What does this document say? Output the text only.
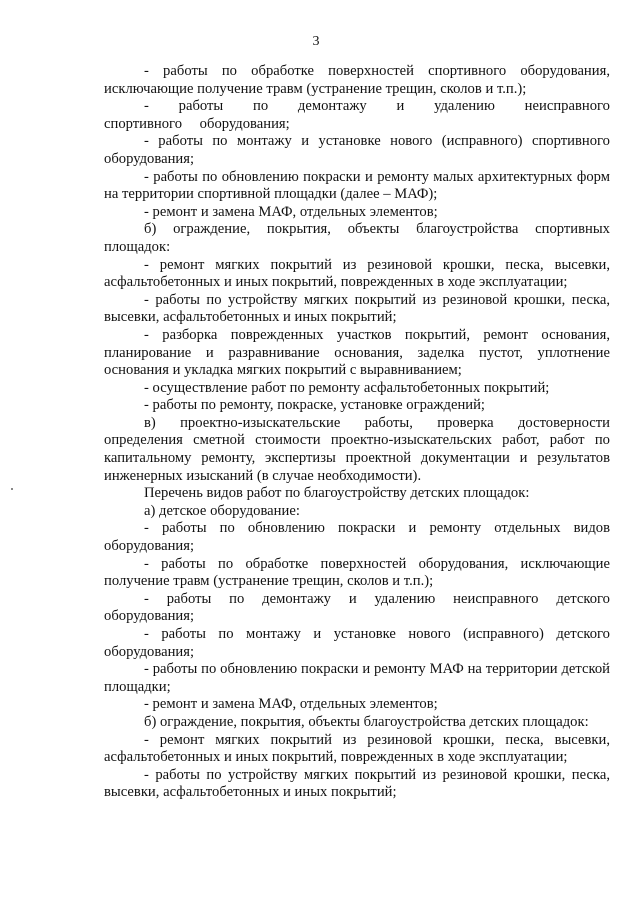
3

- работы по обработке поверхностей спортивного оборудования, исключающие получение травм (устранение трещин, сколов и т.п.);

- работы по демонтажу и удалению неисправного спортивного оборудования;

- работы по монтажу и установке нового (исправного) спортивного оборудования;

- работы по обновлению покраски и ремонту малых архитектурных форм на территории спортивной площадки (далее – МАФ);

- ремонт и замена МАФ, отдельных элементов;

б) ограждение, покрытия, объекты благоустройства спортивных площадок:

- ремонт мягких покрытий из резиновой крошки, песка, высевки, асфальтобетонных и иных покрытий, поврежденных в ходе эксплуатации;

- работы по устройству мягких покрытий из резиновой крошки, песка, высевки, асфальтобетонных и иных покрытий;

- разборка поврежденных участков покрытий, ремонт основания, планирование и разравнивание основания, заделка пустот, уплотнение основания и укладка мягких покрытий с выравниванием;

- осуществление работ по ремонту асфальтобетонных покрытий;

- работы по ремонту, покраске, установке ограждений;

в) проектно-изыскательские работы, проверка достоверности определения сметной стоимости проектно-изыскательских работ, работ по капитальному ремонту, экспертизы проектной документации и результатов инженерных изысканий (в случае необходимости).

Перечень видов работ по благоустройству детских площадок:

а) детское оборудование:

- работы по обновлению покраски и ремонту отдельных видов оборудования;

- работы по обработке поверхностей оборудования, исключающие получение травм (устранение трещин, сколов и т.п.);

- работы по демонтажу и удалению неисправного детского оборудования;

- работы по монтажу и установке нового (исправного) детского оборудования;

- работы по обновлению покраски и ремонту МАФ на территории детской площадки;

- ремонт и замена МАФ, отдельных элементов;

б) ограждение, покрытия, объекты благоустройства детских площадок:

- ремонт мягких покрытий из резиновой крошки, песка, высевки, асфальтобетонных и иных покрытий, поврежденных в ходе эксплуатации;

- работы по устройству мягких покрытий из резиновой крошки, песка, высевки, асфальтобетонных и иных покрытий;
